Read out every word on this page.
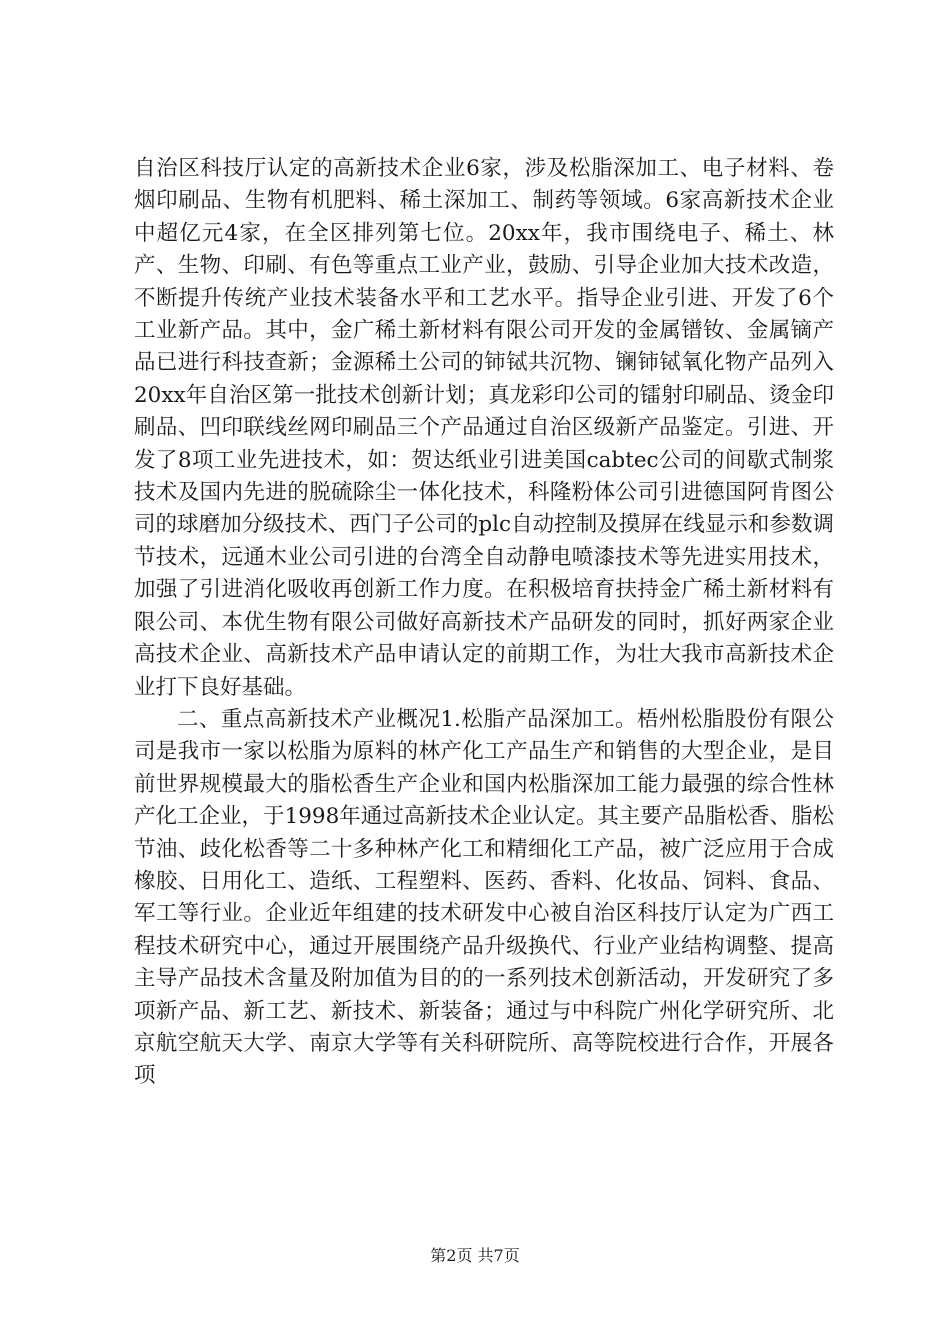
自治区科技厅认定的高新技术企业6家，涉及松脂深加工、电子材料、卷烟印刷品、生物有机肥料、稀土深加工、制药等领域。6家高新技术企业中超亿元4家，在全区排列第七位。20xx年，我市围绕电子、稀土、林产、生物、印刷、有色等重点工业产业，鼓励、引导企业加大技术改造，不断提升传统产业技术装备水平和工艺水平。指导企业引进、开发了6个工业新产品。其中，金广稀土新材料有限公司开发的金属镨钕、金属镝产品已进行科技查新；金源稀土公司的铈铽共沉物、镧铈铽氧化物产品列入20xx年自治区第一批技术创新计划；真龙彩印公司的镭射印刷品、烫金印刷品、凹印联线丝网印刷品三个产品通过自治区级新产品鉴定。引进、开发了8项工业先进技术，如：贺达纸业引进美国cabtec公司的间歇式制浆技术及国内先进的脱硫除尘一体化技术，科隆粉体公司引进德国阿肯图公司的球磨加分级技术、西门子公司的plc自动控制及摸屏在线显示和参数调节技术，远通木业公司引进的台湾全自动静电喷漆技术等先进实用技术，加强了引进消化吸收再创新工作力度。在积极培育扶持金广稀土新材料有限公司、本优生物有限公司做好高新技术产品研发的同时，抓好两家企业高技术企业、高新技术产品申请认定的前期工作，为壮大我市高新技术企业打下良好基础。

二、重点高新技术产业概况1.松脂产品深加工。梧州松脂股份有限公司是我市一家以松脂为原料的林产化工产品生产和销售的大型企业，是目前世界规模最大的脂松香生产企业和国内松脂深加工能力最强的综合性林产化工企业，于1998年通过高新技术企业认定。其主要产品脂松香、脂松节油、歧化松香等二十多种林产化工和精细化工产品，被广泛应用于合成橡胶、日用化工、造纸、工程塑料、医药、香料、化妆品、饲料、食品、军工等行业。企业近年组建的技术研发中心被自治区科技厅认定为广西工程技术研究中心，通过开展围绕产品升级换代、行业产业结构调整、提高主导产品技术含量及附加值为目的的一系列技术创新活动，开发研究了多项新产品、新工艺、新技术、新装备；通过与中科院广州化学研究所、北京航空航天大学、南京大学等有关科研院所、高等院校进行合作，开展各项

第2页 共7页
